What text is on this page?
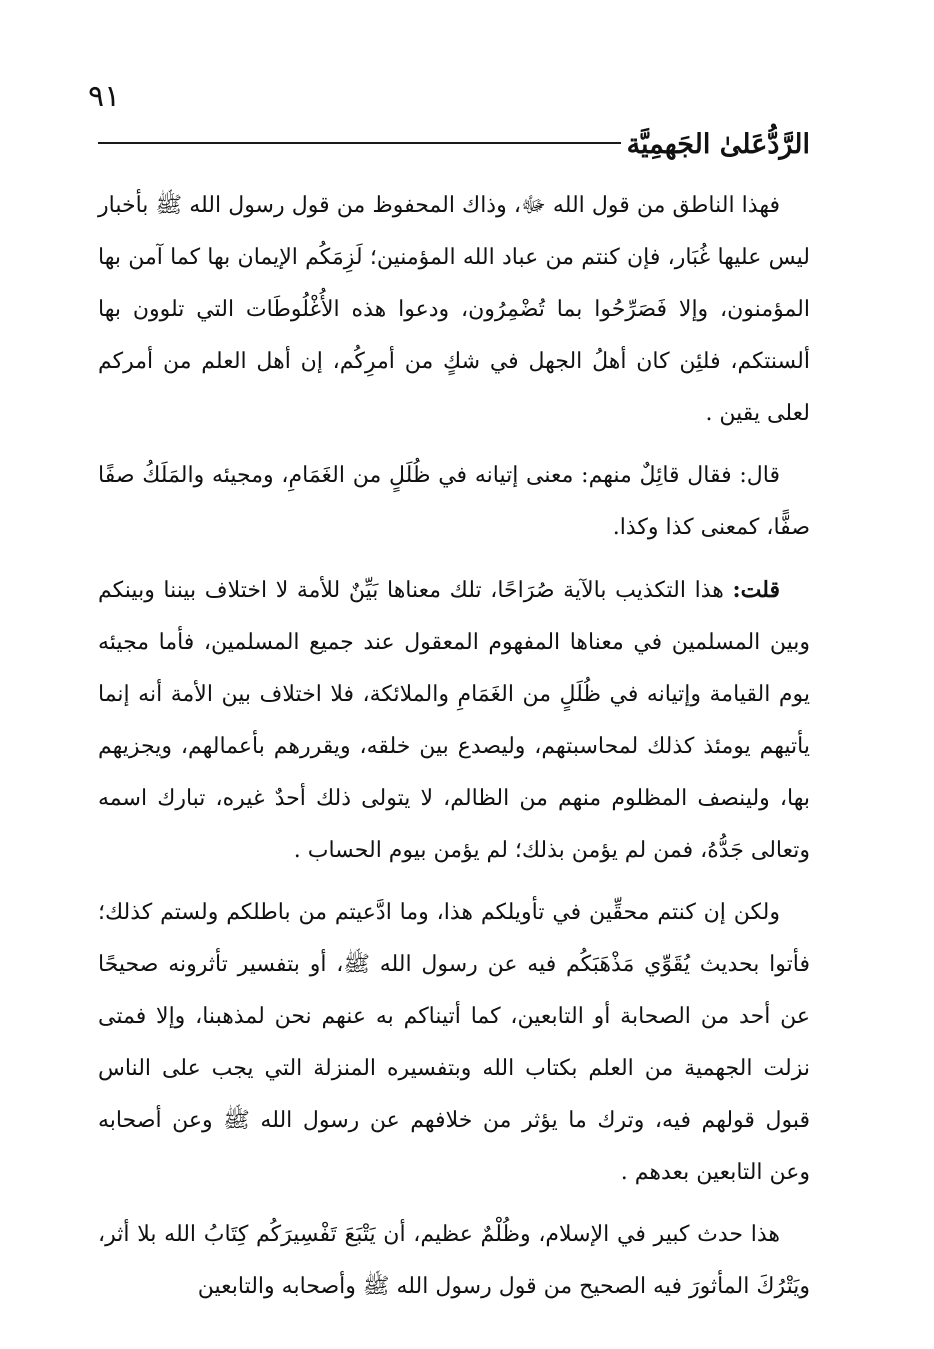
٩١
الرَّدُّعَلىٰ الجَهمِيَّة

فهذا الناطق من قول الله ﷻ، وذاك المحفوظ من قول رسول الله ﷺ بأخبار ليس عليها غُبَار، فإن كنتم من عباد الله المؤمنين؛ لَزِمَكُم الإيمان بها كما آمن بها المؤمنون، وإلا فَصَرِّحُوا بما تُضْمِرُون، ودعوا هذه الأُغْلُوطَات التي تلوون بها ألسنتكم، فلئِن كان أهلُ الجهل في شكٍ من أمرِكُم، إن أهل العلم من أمركم لعلى يقين .

قال: فقال قائِلٌ منهم: معنى إتيانه في ظُلَلٍ من الغَمَامِ، ومجيئه والمَلَكُ صفًا صفًّا، كمعنى كذا وكذا.

قلت: هذا التكذيب بالآية صُرَاحًا، تلك معناها بَيِّنٌ للأمة لا اختلاف بيننا وبينكم وبين المسلمين في معناها المفهوم المعقول عند جميع المسلمين، فأما مجيئه يوم القيامة وإتيانه في ظُلَلٍ من الغَمَامِ والملائكة، فلا اختلاف بين الأمة أنه إنما يأتيهم يومئذ كذلك لمحاسبتهم، وليصدع بين خلقه، ويقررهم بأعمالهم، ويجزيهم بها، ولينصف المظلوم منهم من الظالم، لا يتولى ذلك أحدٌ غيره، تبارك اسمه وتعالى جَدُّهُ، فمن لم يؤمن بذلك؛ لم يؤمن بيوم الحساب .

ولكن إن كنتم محقِّين في تأويلكم هذا، وما ادَّعيتم من باطلكم ولستم كذلك؛ فأتوا بحديث يُقَوِّي مَذْهَبَكُم فيه عن رسول الله ﷺ، أو بتفسير تأثرونه صحيحًا عن أحد من الصحابة أو التابعين، كما أتيناكم به عنهم نحن لمذهبنا، وإلا فمتى نزلت الجهمية من العلم بكتاب الله وبتفسيره المنزلة التي يجب على الناس قبول قولهم فيه، وترك ما يؤثر من خلافهم عن رسول الله ﷺ وعن أصحابه وعن التابعين بعدهم .

هذا حدث كبير في الإسلام، وظُلْمٌ عظيم، أن يَتْبَعَ تَفْسِيرَكُم كِتَابُ الله بلا أثر، ويَتْرُكَ المأثورَ فيه الصحيح من قول رسول الله ﷺ وأصحابه والتابعين
